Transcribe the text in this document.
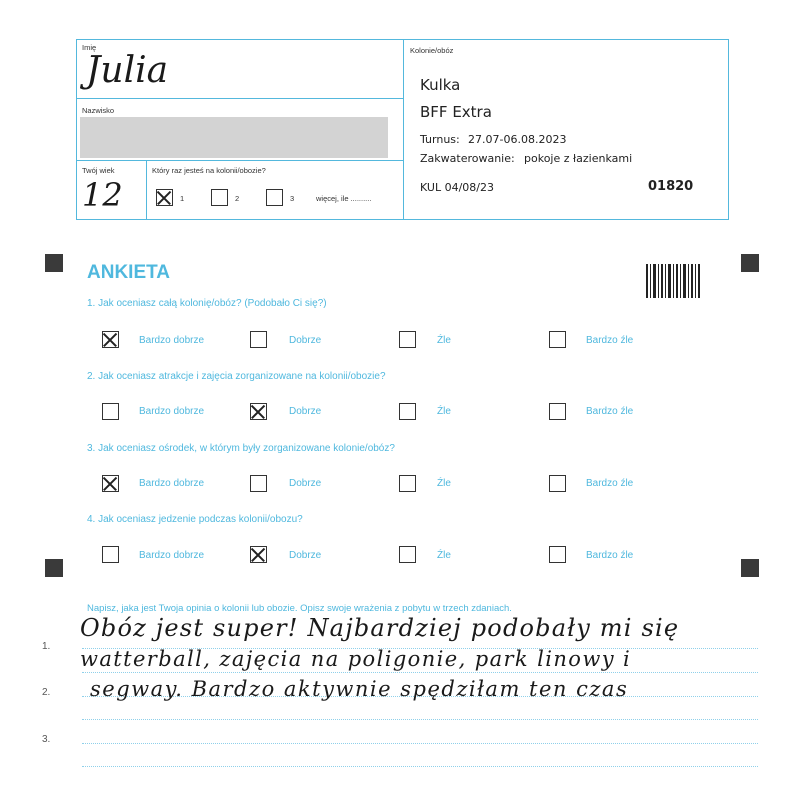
Imię
Julia
Nazwisko
Twój wiek
12
Który raz jesteś na kolonii/obozie?
1	2	3	więcej, ile ..........
Kolonie/obóz
Kulka
BFF Extra
Turnus: 27.07-06.08.2023
Zakwaterowanie: pokoje z łazienkami
KUL 04/08/23	01820
ANKIETA
1. Jak oceniasz całą kolonię/obóz? (Podobało Ci się?)
Bardzo dobrze	Dobrze	Źle	Bardzo źle
2. Jak oceniasz atrakcje i zajęcia zorganizowane na kolonii/obozie?
Bardzo dobrze	Dobrze	Źle	Bardzo źle
3. Jak oceniasz ośrodek, w którym były zorganizowane kolonie/obóz?
Bardzo dobrze	Dobrze	Źle	Bardzo źle
4. Jak oceniasz jedzenie podczas kolonii/obozu?
Bardzo dobrze	Dobrze	Źle	Bardzo źle
Napisz, jaka jest Twoja opinia o kolonii lub obozie. Opisz swoje wrażenia z pobytu w trzech zdaniach.
1.
2.
3.
Obóz jest super! Najbardziej podobały mi się
watterball, zajęcia na poligonie, park linowy i
segway. Bardzo aktywnie spędziłam ten czas
